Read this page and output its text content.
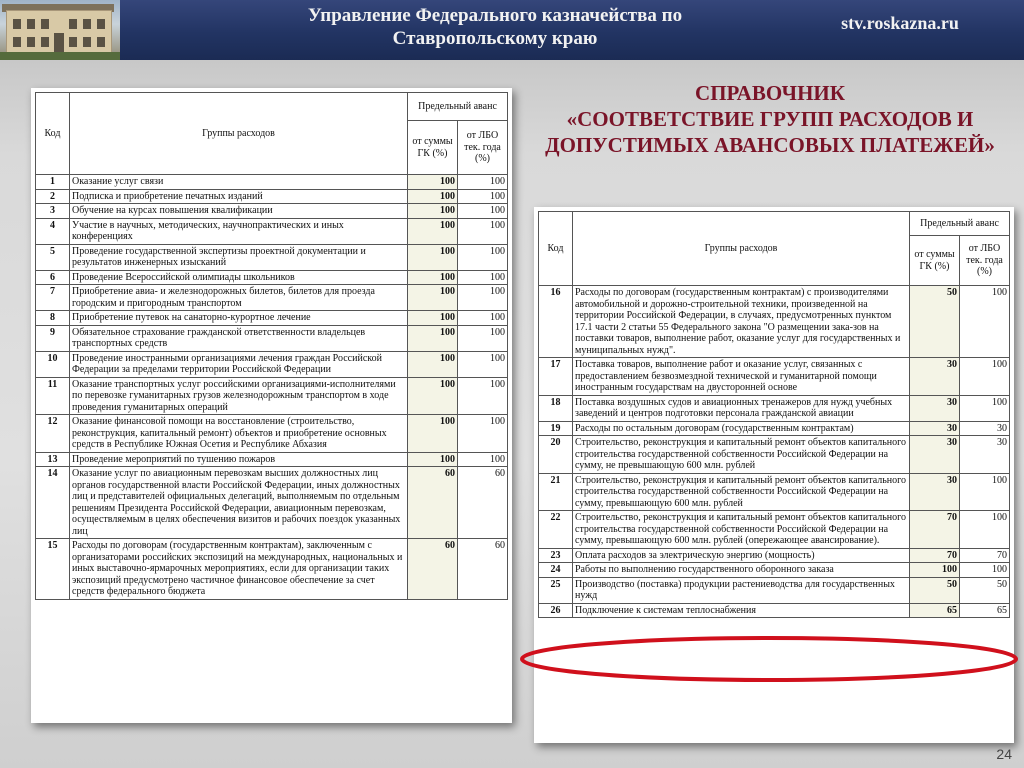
Управление Федерального казначейства по
Ставропольскому краю
stv.roskazna.ru
СПРАВОЧНИК
«СООТВЕТСТВИЕ ГРУПП РАСХОДОВ И
ДОПУСТИМЫХ АВАНСОВЫХ ПЛАТЕЖЕЙ»
Код	Группы расходов	Предельный аванс	
		от суммы ГК (%)	от ЛБО тек. года (%)
1	Оказание услуг связи	100	100
2	Подписка и приобретение печатных изданий	100	100
3	Обучение на курсах повышения квалификации	100	100
4	Участие в научных, методических, научнопрактических и иных конференциях	100	100
5	Проведение государственной экспертизы проектной документации и результатов инженерных изысканий	100	100
6	Проведение Всероссийской олимпиады школьников	100	100
7	Приобретение авиа- и железнодорожных билетов, билетов для проезда городским и пригородным транспортом	100	100
8	Приобретение путевок на санаторно-курортное лечение	100	100
9	Обязательное страхование гражданской ответственности владельцев транспортных средств	100	100
10	Проведение иностранными организациями лечения граждан Российской Федерации за пределами территории Российской Федерации	100	100
11	Оказание транспортных услуг российскими организациями-исполнителями по перевозке гуманитарных грузов железнодорожным транспортом в ходе проведения гуманитарных операций	100	100
12	Оказание финансовой помощи на восстановление (строительство, реконструкция, капитальный ремонт) объектов и приобретение основных средств в Республике Южная Осетия и Республике Абхазия	100	100
13	Проведение мероприятий по тушению пожаров	100	100
14	Оказание услуг по авиационным перевозкам высших должностных лиц органов государственной власти Российской Федерации, иных должностных лиц и представителей официальных делегаций, выполняемым по отдельным решениям Президента Российской Федерации, авиационным перевозкам, осуществляемым в целях обеспечения визитов и рабочих поездок указанных лиц	60	60
15	Расходы по договорам (государственным контрактам), заключенным с организаторами российских экспозиций на международных, национальных и иных выставочно-ярмарочных мероприятиях, если для организации таких экспозиций предусмотрено частичное финансовое обеспечение за счет средств федерального бюджета	60	60
Код	Группы расходов	Предельный аванс	
		от суммы ГК (%)	от ЛБО тек. года (%)
16	Расходы по договорам (государственным контрактам) с производителями автомобильной и дорожно-строительной техники, произведенной на территории Российской Федерации, в случаях, предусмотренных пунктом 17.1 части 2 статьи 55 Федерального закона "О размещении зака-зов на поставки товаров, выполнение работ, оказание услуг для государственных и муниципальных нужд".	50	100
17	Поставка товаров, выполнение работ и оказание услуг, связанных с предоставлением безвозмездной технической и гуманитарной помощи иностранным государствам на двусторонней основе	30	100
18	Поставка воздушных судов и авиационных тренажеров для нужд учебных заведений и центров подготовки персонала гражданской авиации	30	100
19	Расходы по остальным договорам (государственным контрактам)	30	30
20	Строительство, реконструкция и капитальный ремонт объектов капитального строительства государственной собственности Российской Федерации на сумму, не превышающую 600 млн. рублей	30	30
21	Строительство, реконструкция и капитальный ремонт объектов капитального строительства государственной собственности Российской Федерации на сумму, превышающую 600 млн. рублей	30	100
22	Строительство, реконструкция и капитальный ремонт объектов капитального строительства государственной собственности Российской Федерации на сумму, превышающую 600 млн. рублей (опережающее авансирование).	70	100
23	Оплата расходов за электрическую энергию (мощность)	70	70
24	Работы по выполнению государственного оборонного заказа	100	100
25	Производство (поставка) продукции растениеводства для государственных нужд	50	50
26	Подключение к системам теплоснабжения	65	65
24
